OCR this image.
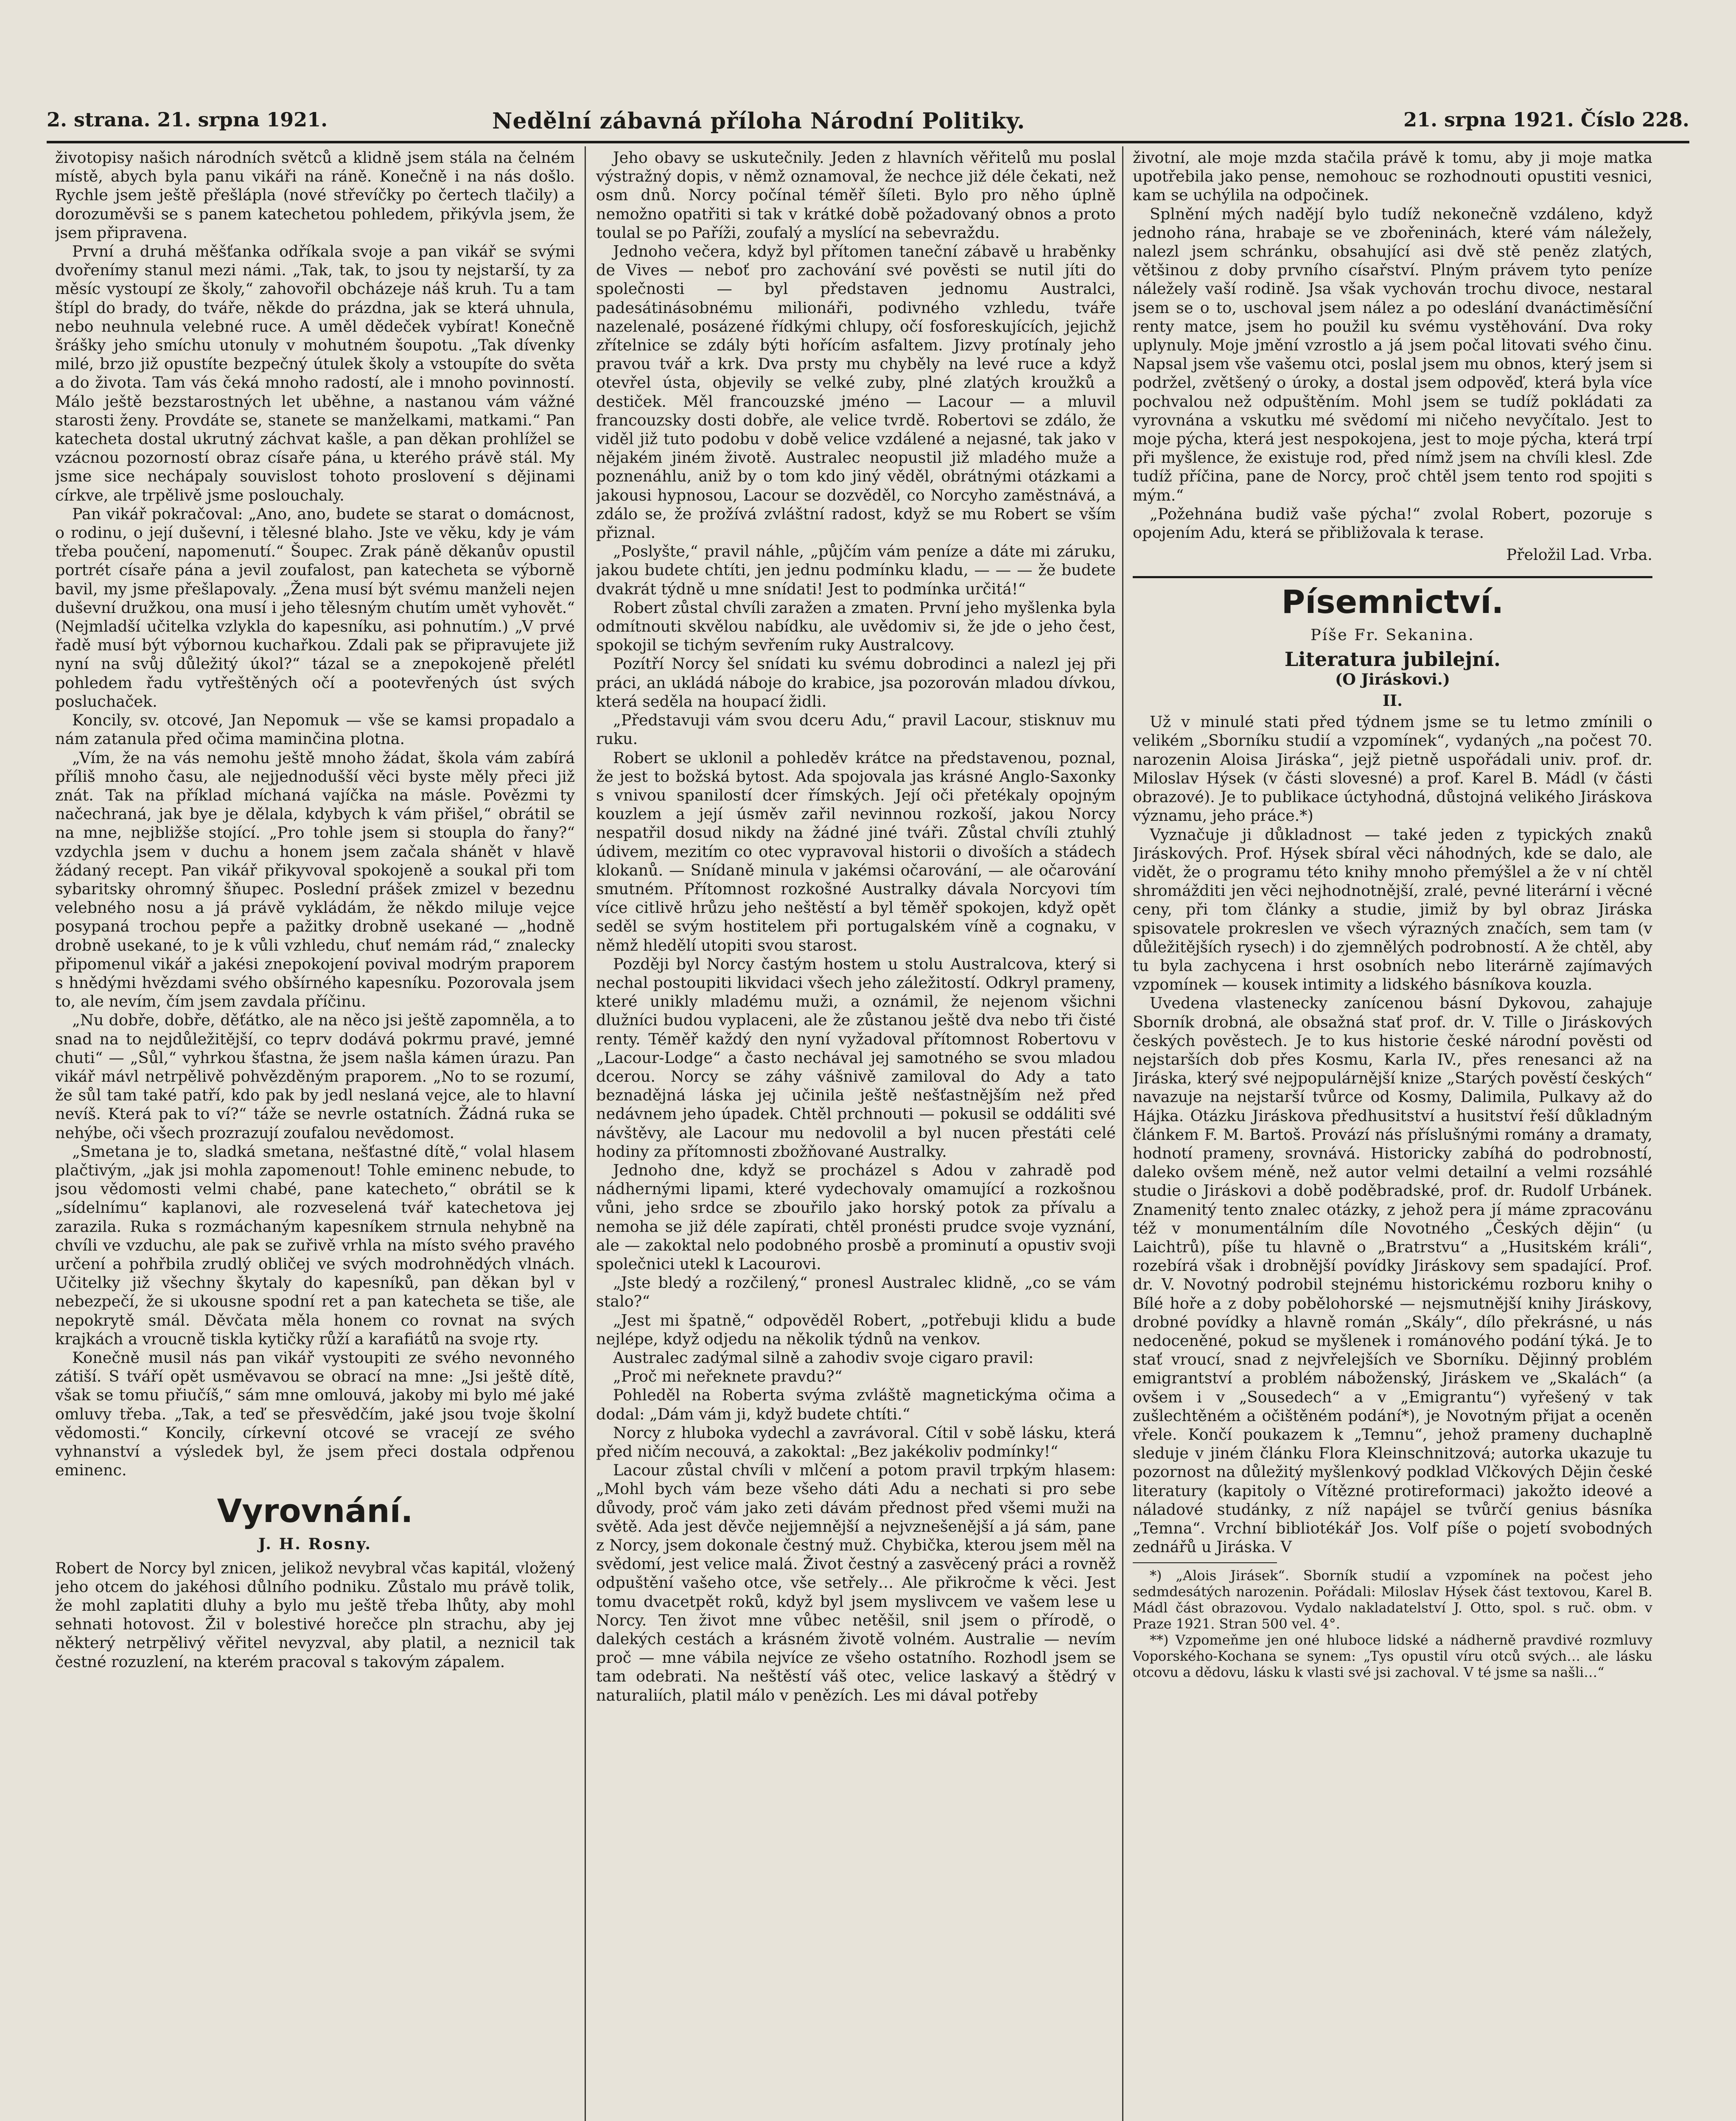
2. strana. 21. srpna 1921.	Nedělní zábavná příloha Národní Politiky.	21. srpna 1921. Číslo 228.

životopisy našich národních světců a klidně jsem stála na čelném místě, abych byla panu vikáři na ráně. Konečně i na nás došlo. Rychle jsem ještě přešlápla (nové střevíčky po čertech tlačily) a dorozuměvši se s panem katechetou pohledem, přikývla jsem, že jsem připravena.

První a druhá měšťanka odříkala svoje a pan vikář se svými dvořenímy stanul mezi námi. „Tak, tak, to jsou ty nejstarší, ty za měsíc vystoupí ze školy,“ zahovořil obcházeje náš kruh. Tu a tam štípl do brady, do tváře, někde do prázdna, jak se která uhnula, nebo neuhnula velebné ruce. A uměl dědeček vybírat! Konečně šrášky jeho smíchu utonuly v mohutném šoupotu. „Tak dívenky milé, brzo již opustíte bezpečný útulek školy a vstoupíte do světa a do života. Tam vás čeká mnoho radostí, ale i mnoho povinností. Málo ještě bezstarostných let uběhne, a nastanou vám vážné starosti ženy. Provdáte se, stanete se manželkami, matkami.“ Pan katecheta dostal ukrutný záchvat kašle, a pan děkan prohlížel se vzácnou pozorností obraz císaře pána, u kterého právě stál. My jsme sice nechápaly souvislost tohoto proslovení s dějinami církve, ale trpělivě jsme poslouchaly.

Pan vikář pokračoval: „Ano, ano, budete se starat o domácnost, o rodinu, o její duševní, i tělesné blaho. Jste ve věku, kdy je vám třeba poučení, napomenutí.“ Šoupec. Zrak páně děkanův opustil portrét císaře pána a jevil zoufalost, pan katecheta se výborně bavil, my jsme přešlapovaly. „Žena musí být svému manželi nejen duševní družkou, ona musí i jeho tělesným chutím umět vyhovět.“ (Nejmladší učitelka vzlykla do kapesníku, asi pohnutím.) „V prvé řadě musí být výbornou kuchařkou. Zdali pak se připravujete již nyní na svůj důležitý úkol?“ tázal se a znepokojeně přelétl pohledem řadu vytřeštěných očí a pootevřených úst svých posluchaček.

Koncily, sv. otcové, Jan Nepomuk — vše se kamsi propadalo a nám zatanula před očima maminčina plotna.

„Vím, že na vás nemohu ještě mnoho žádat, škola vám zabírá příliš mnoho času, ale nejjednodušší věci byste měly přeci již znát. Tak na příklad míchaná vajíčka na másle. Povězmi ty načechraná, jak bye je dělala, kdybych k vám přišel,“ obrátil se na mne, nejbližše stojící. „Pro tohle jsem si stoupla do řany?“ vzdychla jsem v duchu a honem jsem začala shánět v hlavě žádaný recept. Pan vikář přikyvoval spokojeně a soukal při tom sybaritsky ohromný šňupec. Poslední prášek zmizel v bezednu velebného nosu a já právě vykládám, že někdo miluje vejce posypaná trochou pepře a pažitky drobně usekané — „hodně drobně usekané, to je k vůli vzhledu, chuť nemám rád,“ znalecky připomenul vikář a jakési znepokojení povival modrým praporem s hnědými hvězdami svého obšírného kapesníku. Pozorovala jsem to, ale nevím, čím jsem zavdala příčinu.

„Nu dobře, dobře, děťátko, ale na něco jsi ještě zapomněla, a to snad na to nejdůležitější, co teprv dodává pokrmu pravé, jemné chuti“ — „Sůl,“ vyhrkou šťastna, že jsem našla kámen úrazu. Pan vikář mávl netrpělivě pohvězděným praporem. „No to se rozumí, že sůl tam také patří, kdo pak by jedl neslaná vejce, ale to hlavní nevíš. Která pak to ví?“ táže se nevrle ostatních. Žádná ruka se nehýbe, oči všech prozrazují zoufalou nevědomost.

„Smetana je to, sladká smetana, nešťastné dítě,“ volal hlasem plačtivým, „jak jsi mohla zapomenout! Tohle eminenc nebude, to jsou vědomosti velmi chabé, pane katecheto,“ obrátil se k „sídelnímu“ kaplanovi, ale rozveselená tvář katechetova jej zarazila. Ruka s rozmáchaným kapesníkem strnula nehybně na chvíli ve vzduchu, ale pak se zuřivě vrhla na místo svého pravého určení a pohřbila zrudlý obličej ve svých modrohnědých vlnách. Učitelky již všechny škytaly do kapesníků, pan děkan byl v nebezpečí, že si ukousne spodní ret a pan katecheta se tiše, ale nepokrytě smál. Děvčata měla honem co rovnat na svých krajkách a vroucně tiskla kytičky růží a karafiátů na svoje rty.

Konečně musil nás pan vikář vystoupiti ze svého nevonného zátiší. S tváří opět usměvavou se obrací na mne: „Jsi ještě dítě, však se tomu přiučíš,“ sám mne omlouvá, jakoby mi bylo mé jaké omluvy třeba. „Tak, a teď se přesvědčím, jaké jsou tvoje školní vědomosti.“ Koncily, církevní otcové se vracejí ze svého vyhnanství a výsledek byl, že jsem přeci dostala odpřenou eminenc.

Vyrovnání.
J. H. Rosny.

Robert de Norcy byl znicen, jelikož nevybral včas kapitál, vložený jeho otcem do jakéhosi důlního podniku. Zůstalo mu právě tolik, že mohl zaplatiti dluhy a bylo mu ještě třeba lhůty, aby mohl sehnati hotovost. Žil v bolestivé horečce pln strachu, aby jej některý netrpělivý věřitel nevyzval, aby platil, a neznicil tak čestné rozuzlení, na kterém pracoval s takovým zápalem.

Jeho obavy se uskutečnily. Jeden z hlavních věřitelů mu poslal výstražný dopis, v němž oznamoval, že nechce již déle čekati, než osm dnů. Norcy počínal téměř šíleti. Bylo pro něho úplně nemožno opatřiti si tak v krátké době požadovaný obnos a proto toulal se po Paříži, zoufalý a myslící na sebevraždu.

Jednoho večera, když byl přítomen taneční zábavě u hraběnky de Vives — neboť pro zachování své pověsti se nutil jíti do společnosti — byl představen jednomu Australci, padesátinásobnému milionáři, podivného vzhledu, tváře nazelenalé, posázené řídkými chlupy, očí fosforeskujících, jejichž zřítelnice se zdály býti hořícím asfaltem. Jizvy protínaly jeho pravou tvář a krk. Dva prsty mu chyběly na levé ruce a když otevřel ústa, objevily se velké zuby, plné zlatých kroužků a destiček. Měl francouzské jméno — Lacour — a mluvil francouzsky dosti dobře, ale velice tvrdě. Robertovi se zdálo, že viděl již tuto podobu v době velice vzdálené a nejasné, tak jako v nějakém jiném životě. Australec neopustil již mladého muže a poznenáhlu, aniž by o tom kdo jiný věděl, obrátnými otázkami a jakousi hypnosou, Lacour se dozvěděl, co Norcyho zaměstnává, a zdálo se, že prožívá zvláštní radost, když se mu Robert se vším přiznal.

„Poslyšte,“ pravil náhle, „půjčím vám peníze a dáte mi záruku, jakou budete chtíti, jen jednu podmínku kladu, — — — že budete dvakrát týdně u mne snídati! Jest to podmínka určitá!“

Robert zůstal chvíli zaražen a zmaten. První jeho myšlenka byla odmítnouti skvělou nabídku, ale uvědomiv si, že jde o jeho čest, spokojil se tichým sevřením ruky Australcovy.

Pozítří Norcy šel snídati ku svému dobrodinci a nalezl jej při práci, an ukládá náboje do krabice, jsa pozorován mladou dívkou, která seděla na houpací židli.

„Představuji vám svou dceru Adu,“ pravil Lacour, stisknuv mu ruku.

Robert se uklonil a pohleděv krátce na představenou, poznal, že jest to božská bytost. Ada spojovala jas krásné Anglo-Saxonky s vnivou spanilostí dcer římských. Její oči přetékaly opojným kouzlem a její úsměv zařil nevinnou rozkoší, jakou Norcy nespatřil dosud nikdy na žádné jiné tváři. Zůstal chvíli ztuhlý údivem, mezitím co otec vypravoval historii o divoších a stádech klokanů. — Snídaně minula v jakémsi očarování, — ale očarování smutném. Přítomnost rozkošné Australky dávala Norcyovi tím více citlivě hrůzu jeho neštěstí a byl těměř spokojen, když opět seděl se svým hostitelem při portugalském víně a cognaku, v němž hledělí utopiti svou starost.

Později byl Norcy častým hostem u stolu Australcova, který si nechal postoupiti likvidaci všech jeho záležitostí. Odkryl prameny, které unikly mladému muži, a oznámil, že nejenom všichni dlužníci budou vyplaceni, ale že zůstanou ještě dva nebo tři čisté renty. Téměř každý den nyní vyžadoval přítomnost Robertovu v „Lacour-Lodge“ a často nechával jej samotného se svou mladou dcerou. Norcy se záhy vášnivě zamiloval do Ady a tato beznadějná láska jej učinila ještě nešťastnějším než před nedávnem jeho úpadek. Chtěl prchnouti — pokusil se oddáliti své návštěvy, ale Lacour mu nedovolil a byl nucen přestáti celé hodiny za přítomnosti zbožňované Australky.

Jednoho dne, když se procházel s Adou v zahradě pod nádhernými lipami, které vydechovaly omamující a rozkošnou vůni, jeho srdce se zbouřilo jako horský potok za přívalu a nemoha se již déle zapírati, chtěl pronésti prudce svoje vyznání, ale — zakoktal nelo podobného prosbě a prominutí a opustiv svoji společnici utekl k Lacourovi.

„Jste bledý a rozčilený,“ pronesl Australec klidně, „co se vám stalo?“

„Jest mi špatně,“ odpověděl Robert, „potřebuji klidu a bude nejlépe, když odjedu na několik týdnů na venkov.

Australec zadýmal silně a zahodiv svoje cigaro pravil:

„Proč mi neřeknete pravdu?“

Pohleděl na Roberta svýma zvláště magnetickýma očima a dodal: „Dám vám ji, když budete chtíti.“

Norcy z hluboka vydechl a zavrávoral. Cítil v sobě lásku, která před ničím necouvá, a zakoktal: „Bez jakékoliv podmínky!“

Lacour zůstal chvíli v mlčení a potom pravil trpkým hlasem: „Mohl bych vám beze všeho dáti Adu a nechati si pro sebe důvody, proč vám jako zeti dávám přednost před všemi muži na světě. Ada jest děvče nejjemnější a nejvznešenější a já sám, pane z Norcy, jsem dokonale čestný muž. Chybička, kterou jsem měl na svědomí, jest velice malá. Život čestný a zasvěcený práci a rovněž odpuštění vašeho otce, vše setřely… Ale přikročme k věci. Jest tomu dvacetpět roků, když byl jsem myslivcem ve vašem lese u Norcy. Ten život mne vůbec netěšil, snil jsem o přírodě, o dalekých cestách a krásném životě volném. Australie — nevím proč — mne vábila nejvíce ze všeho ostatního. Rozhodl jsem se tam odebrati. Na neštěstí váš otec, velice laskavý a štědrý v naturaliích, platil málo v penězích. Les mi dával potřeby

životní, ale moje mzda stačila právě k tomu, aby ji moje matka upotřebila jako pense, nemohouc se rozhodnouti opustiti vesnici, kam se uchýlila na odpočinek.

Splnění mých nadějí bylo tudíž nekonečně vzdáleno, když jednoho rána, hrabaje se ve zbořeninách, které vám náležely, nalezl jsem schránku, obsahující asi dvě stě peněz zlatých, většinou z doby prvního císařství. Plným právem tyto peníze náležely vaší rodině. Jsa však vychován trochu divoce, nestaral jsem se o to, uschoval jsem nález a po odeslání dvanáctiměsíční renty matce, jsem ho použil ku svému vystěhování. Dva roky uplynuly. Moje jmění vzrostlo a já jsem počal litovati svého činu. Napsal jsem vše vašemu otci, poslal jsem mu obnos, který jsem si podržel, zvětšený o úroky, a dostal jsem odpověď, která byla více pochvalou než odpuštěním. Mohl jsem se tudíž pokládati za vyrovnána a vskutku mé svědomí mi ničeho nevyčítalo. Jest to moje pýcha, která jest nespokojena, jest to moje pýcha, která trpí při myšlence, že existuje rod, před nímž jsem na chvíli klesl. Zde tudíž příčina, pane de Norcy, proč chtěl jsem tento rod spojiti s mým.“

„Požehnána budiž vaše pýcha!“ zvolal Robert, pozoruje s opojením Adu, která se přibližovala k terase.

Přeložil Lad. Vrba.
Písemnictví.
Píše Fr. Sekanina.
Literatura jubilejní.
(O Jiráskovi.)
II.

Už v minulé stati před týdnem jsme se tu letmo zmínili o velikém „Sborníku studií a vzpomínek“, vydaných „na počest 70. narozenin Aloisa Jiráska“, jejž pietně uspořádali univ. prof. dr. Miloslav Hýsek (v části slovesné) a prof. Karel B. Mádl (v části obrazové). Je to publikace úctyhodná, důstojná velikého Jiráskova významu, jeho práce.*)

Vyznačuje ji důkladnost — také jeden z typických znaků Jiráskových. Prof. Hýsek sbíral věci náhodných, kde se dalo, ale vidět, že o programu této knihy mnoho přemýšlel a že v ní chtěl shromážditi jen věci nejhodnotnější, zralé, pevné literární i věcné ceny, při tom články a studie, jimiž by byl obraz Jiráska spisovatele prokreslen ve všech výrazných značích, sem tam (v důležitějších rysech) i do zjemnělých podrobností. A že chtěl, aby tu byla zachycena i hrst osobních nebo literárně zajímavých vzpomínek — kousek intimity a lidského básníkova kouzla.

Uvedena vlastenecky zanícenou básní Dykovou, zahajuje Sborník drobná, ale obsažná stať prof. dr. V. Tille o Jiráskových českých pověstech. Je to kus historie české národní pověsti od nejstarších dob přes Kosmu, Karla IV., přes renesanci až na Jiráska, který své nejpopulárnější knize „Starých pověstí českých“ navazuje na nejstarší tvůrce od Kosmy, Dalimila, Pulkavy až do Hájka. Otázku Jiráskova předhusitství a husitství řeší důkladným článkem F. M. Bartoš. Provází nás příslušnými romány a dramaty, hodnotí prameny, srovnává. Historicky zabíhá do podrobností, daleko ovšem méně, než autor velmi detailní a velmi rozsáhlé studie o Jiráskovi a době poděbradské, prof. dr. Rudolf Urbánek. Znamenitý tento znalec otázky, z jehož pera jí máme zpracovánu též v monumentálním díle Novotného „Českých dějin“ (u Laichtrů), píše tu hlavně o „Bratrstvu“ a „Husitském králi“, rozebírá však i drobnější povídky Jiráskovy sem spadající. Prof. dr. V. Novotný podrobil stejnému historickému rozboru knihy o Bílé hoře a z doby pobělohorské — nejsmutnější knihy Jiráskovy, drobné povídky a hlavně román „Skály“, dílo překrásné, u nás nedoceněné, pokud se myšlenek i románového podání týká. Je to stať vroucí, snad z nejvřelejších ve Sborníku. Dějinný problém emigrantství a problém náboženský, Jiráskem ve „Skalách“ (a ovšem i v „Sousedech“ a v „Emigrantu“) vyřešený v tak zušlechtěném a očištěném podání*), je Novotným přijat a oceněn vřele. Končí poukazem k „Temnu“, jehož prameny duchaplně sleduje v jiném článku Flora Kleinschnitzová; autorka ukazuje tu pozornost na důležitý myšlenkový podklad Vlčkových Dějin české literatury (kapitoly o Vítězné protireformaci) jakožto ideové a náladové studánky, z níž napájel se tvůrčí genius básníka „Temna“. Vrchní bibliotékář Jos. Volf píše o pojetí svobodných zednářů u Jiráska. V

*) „Alois Jirásek“. Sborník studií a vzpomínek na počest jeho sedmdesátých narozenin. Pořádali: Miloslav Hýsek část textovou, Karel B. Mádl část obrazovou. Vydalo nakladatelství J. Otto, spol. s ruč. obm. v Praze 1921. Stran 500 vel. 4°.

**) Vzpomeňme jen oné hluboce lidské a nádherně pravdivé rozmluvy Voporského-Kochana se synem: „Tys opustil víru otců svých… ale lásku otcovu a dědovu, lásku k vlasti své jsi zachoval. V té jsme sa našli…“
